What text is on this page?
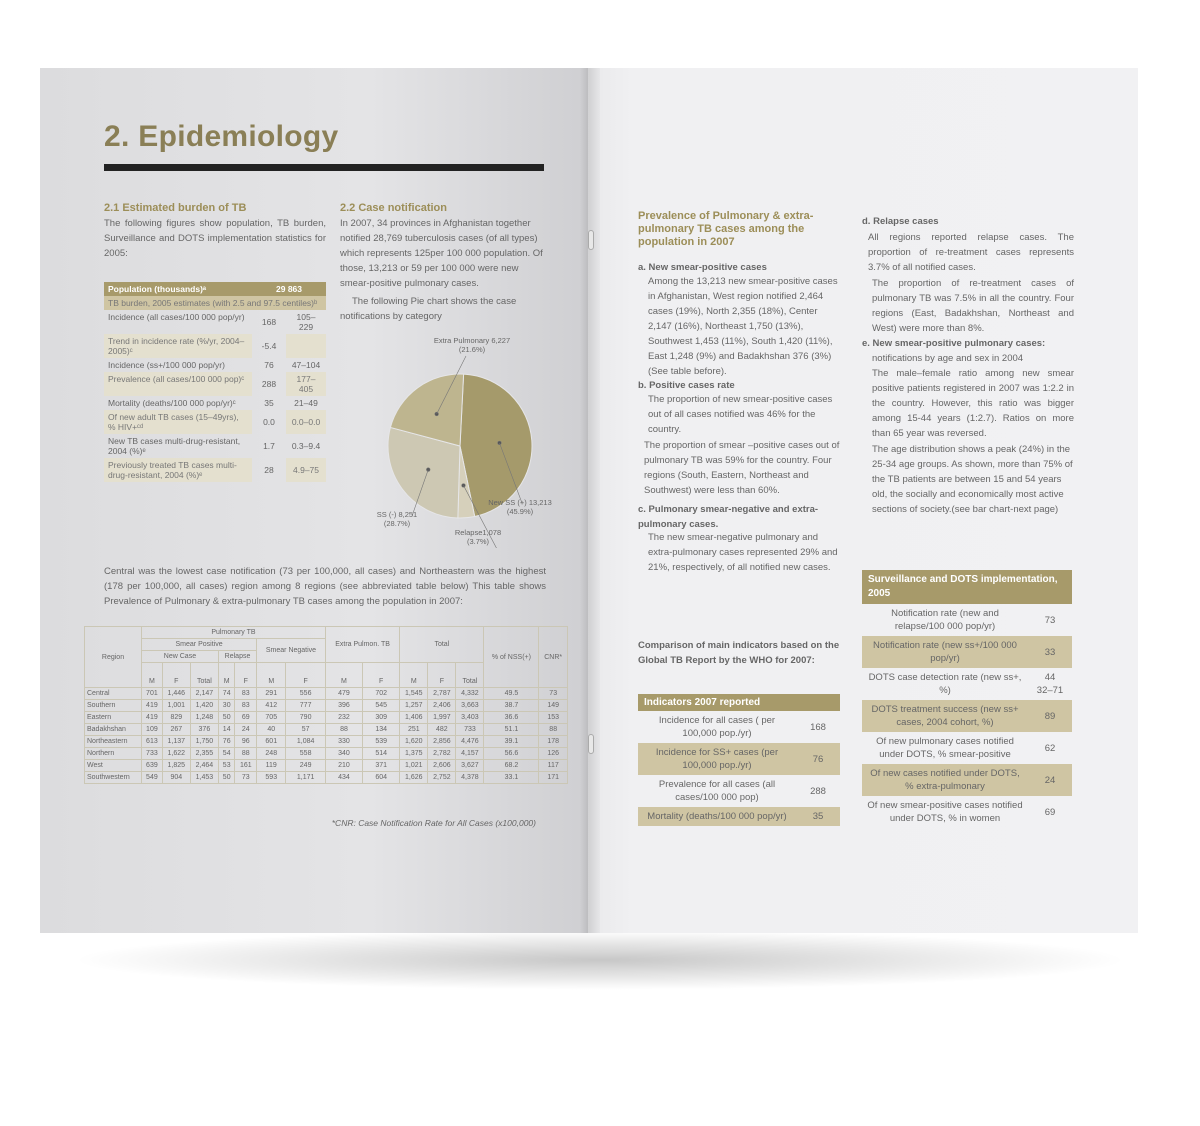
2. Epidemiology
2.1 Estimated burden of TB
The following figures show population, TB burden, Surveillance and DOTS implementation statistics for 2005:
Population (thousands)ᵃ	29 863	
TB burden, 2005 estimates (with 2.5 and 97.5 centiles)ᵇ		
Incidence (all cases/100 000 pop/yr)	168	105–229
Trend in incidence rate (%/yr, 2004–2005)ᶜ	-5.4	
Incidence (ss+/100 000 pop/yr)	76	47–104
Prevalence (all cases/100 000 pop)ᶜ	288	177–405
Mortality (deaths/100 000 pop/yr)ᶜ	35	21–49
Of new adult TB cases (15–49yrs), % HIV+ᶜᵈ	0.0	0.0–0.0
New TB cases multi-drug-resistant, 2004 (%)ᵉ	1.7	0.3–9.4
Previously treated TB cases multi-drug-resistant, 2004 (%)ᵉ	28	4.9–75
2.2 Case notification
In 2007, 34 provinces in Afghanistan together notified 28,769 tuberculosis cases (of all types) which represents 125per 100 000 population. Of those, 13,213 or 59 per 100 000 were new smear-positive pulmonary cases.
The following Pie chart shows the case notifications by category
Extra Pulmonary 6,227
(21.6%)
New SS (+) 13,213
(45.9%)
SS (-) 8,251
(28.7%)
Relapse1,078
(3.7%)
Central was the lowest case notification (73 per 100,000, all cases) and Northeastern was the highest (178 per 100,000, all cases) region among 8 regions (see abbreviated table below) This table shows Prevalence of Pulmonary & extra-pulmonary TB cases among the population in 2007:
Region	Pulmonary TB							Extra Pulmon. TB		Total			% of NSS(+)	CNR*
	Smear Positive					Smear Negative								
	New Case			Relapse										
	M	F	Total	M	F	M	F	M	F	M	F	Total		
Central	701	1,446	2,147	74	83	291	556	479	702	1,545	2,787	4,332	49.5	73
Southern	419	1,001	1,420	30	83	412	777	396	545	1,257	2,406	3,663	38.7	149
Eastern	419	829	1,248	50	69	705	790	232	309	1,406	1,997	3,403	36.6	153
Badakhshan	109	267	376	14	24	40	57	88	134	251	482	733	51.1	88
Northeastern	613	1,137	1,750	76	96	601	1,084	330	539	1,620	2,856	4,476	39.1	178
Northern	733	1,622	2,355	54	88	248	558	340	514	1,375	2,782	4,157	56.6	126
West	639	1,825	2,464	53	161	119	249	210	371	1,021	2,606	3,627	68.2	117
Southwestern	549	904	1,453	50	73	593	1,171	434	604	1,626	2,752	4,378	33.1	171
*CNR: Case Notification Rate for All Cases (x100,000)
Prevalence of Pulmonary & extra-pulmonary TB cases among the population in 2007
a. New smear-positive cases
Among the 13,213 new smear-positive cases in Afghanistan, West region notified 2,464 cases (19%), North 2,355 (18%), Center 2,147 (16%), Northeast 1,750 (13%), Southwest 1,453 (11%), South 1,420 (11%), East 1,248 (9%) and Badakhshan 376 (3%) (See table before).
b. Positive cases rate
The proportion of new smear-positive cases out of all cases notified was 46% for the country.
The proportion of smear –positive cases out of pulmonary TB was 59% for the country. Four regions (South, Eastern, Northeast and Southwest) were less than 60%.
c. Pulmonary smear-negative and extra-pulmonary cases.
The new smear-negative pulmonary and extra-pulmonary cases represented 29% and 21%, respectively, of all notified new cases.
Comparison of main indicators based on the Global TB Report by the WHO for 2007:
Indicators 2007 reported
Incidence for all cases ( per 100,000 pop./yr)	168
Incidence for SS+ cases (per 100,000 pop./yr)	76
Prevalence for all cases (all cases/100 000 pop)	288
Mortality (deaths/100 000 pop/yr)	35
d. Relapse cases
All regions reported relapse cases. The proportion of re-treatment cases represents 3.7% of all notified cases.
The proportion of re-treatment cases of pulmonary TB was 7.5% in all the country. Four regions (East, Badakhshan, Northeast and West) were more than 8%.
e. New smear-positive pulmonary cases:
notifications by age and sex in 2004
The male–female ratio among new smear positive patients registered in 2007 was 1:2.2 in the country. However, this ratio was bigger among 15-44 years (1:2.7). Ratios on more than 65 year was reversed.
The age distribution shows a peak (24%) in the 25-34 age groups. As shown, more than 75% of the TB patients are between 15 and 54 years old, the socially and economically most active sections of society.(see bar chart-next page)
Surveillance and DOTS implementation, 2005
Notification rate (new and relapse/100 000 pop/yr)	73
Notification rate (new ss+/100 000 pop/yr)	33
DOTS case detection rate (new ss+, %)	44
32–71
DOTS treatment success (new ss+ cases, 2004 cohort, %)	89
Of new pulmonary cases notified under DOTS, % smear-positive	62
Of new cases notified under DOTS, % extra-pulmonary	24
Of new smear-positive cases notified under DOTS, % in women	69
